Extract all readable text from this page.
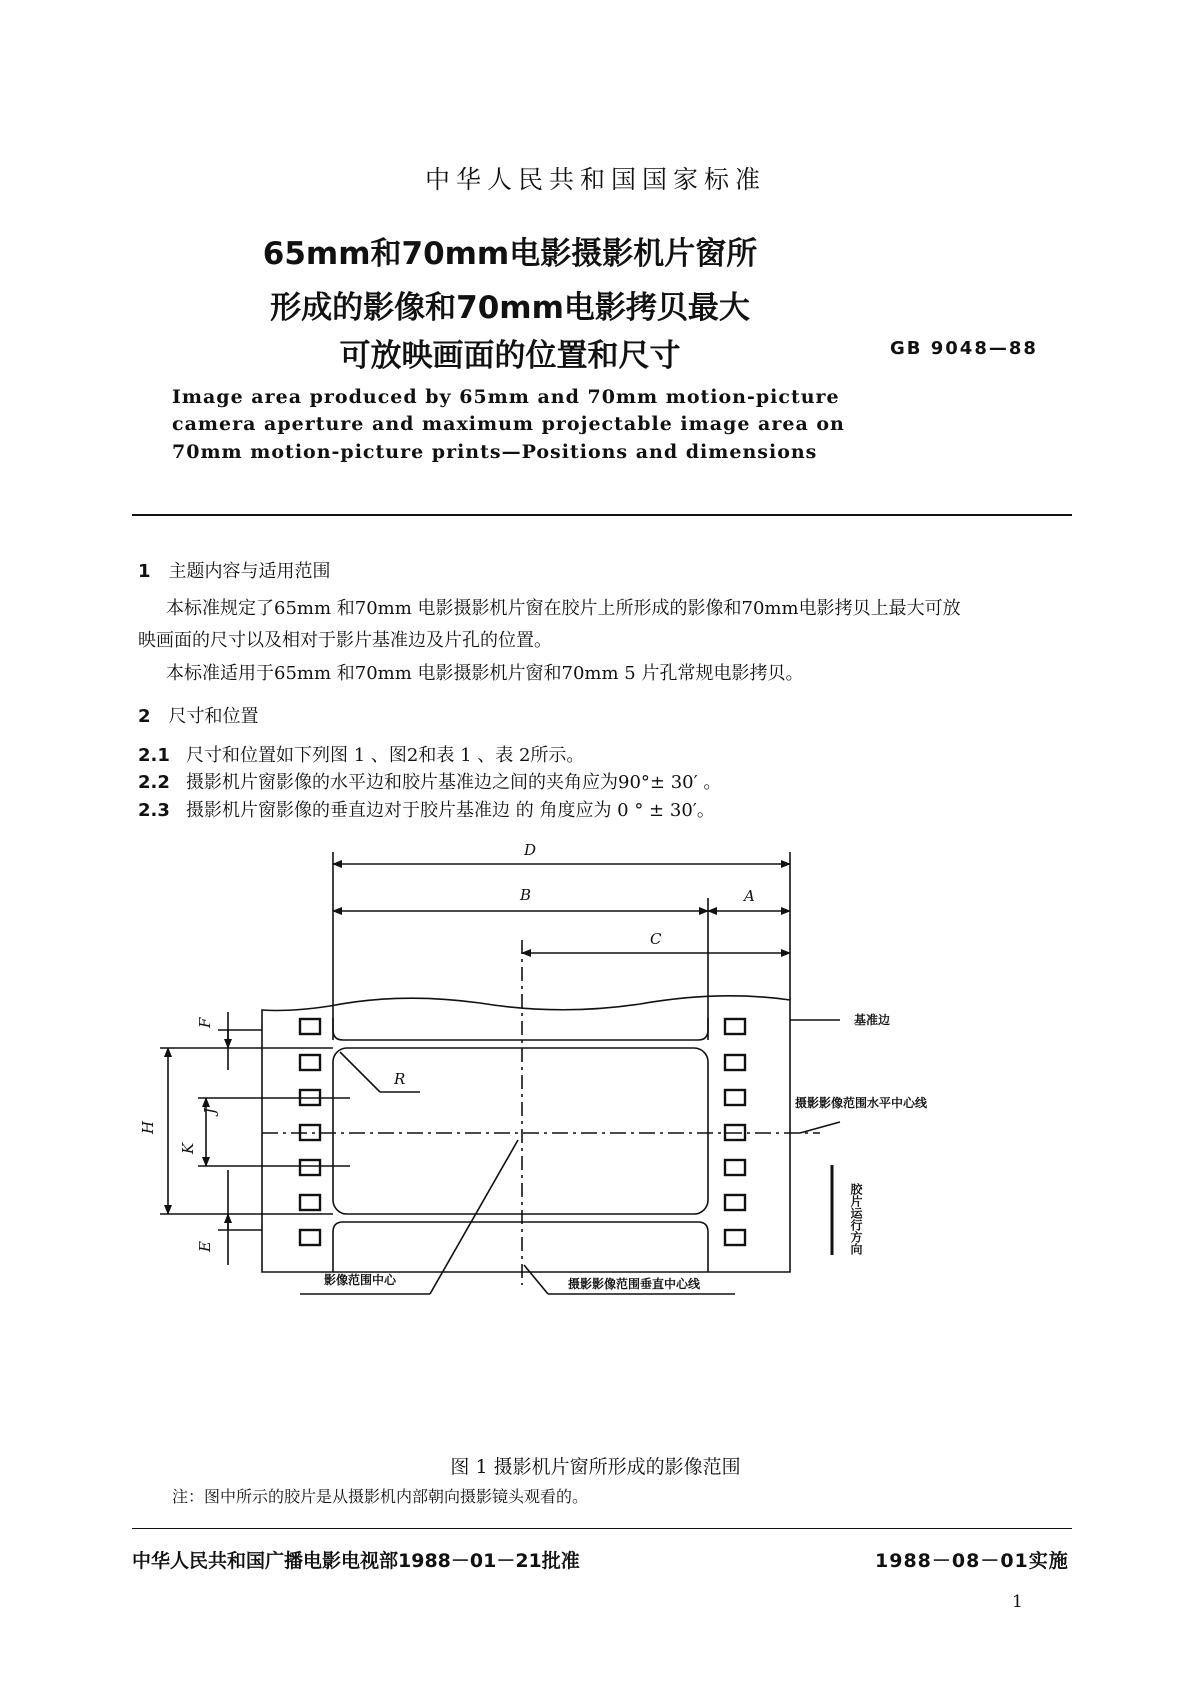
中华人民共和国国家标准
65mm和70mm电影摄影机片窗所
形成的影像和70mm电影拷贝最大
可放映画面的位置和尺寸	GB 9048—88
Image area produced by 65mm and 70mm motion-picture
camera aperture and maximum projectable image area on
70mm motion-picture prints—Positions and dimensions
1 主题内容与适用范围
本标准规定了65mm 和70mm 电影摄影机片窗在胶片上所形成的影像和70mm电影拷贝上最大可放
映画面的尺寸以及相对于影片基准边及片孔的位置。
本标准适用于65mm 和70mm 电影摄影机片窗和70mm 5 片孔常规电影拷贝。
2 尺寸和位置
2.1 尺寸和位置如下列图 1 、图2和表 1 、表 2所示。
2.2 摄影机片窗影像的水平边和胶片基准边之间的夹角应为90°± 30′ 。
2.3 摄影机片窗影像的垂直边对于胶片基准边 的 角度应为 0 ° ± 30′。
D
B	A
C
R
F
H
J
K
E
基准边
摄影影像范围水平中心线
胶片运行方向
影像范围中心	摄影影像范围垂直中心线
图 1 摄影机片窗所形成的影像范围
注：图中所示的胶片是从摄影机内部朝向摄影镜头观看的。
中华人民共和国广播电影电视部1988－01－21批准	1988－08－01实施
1
